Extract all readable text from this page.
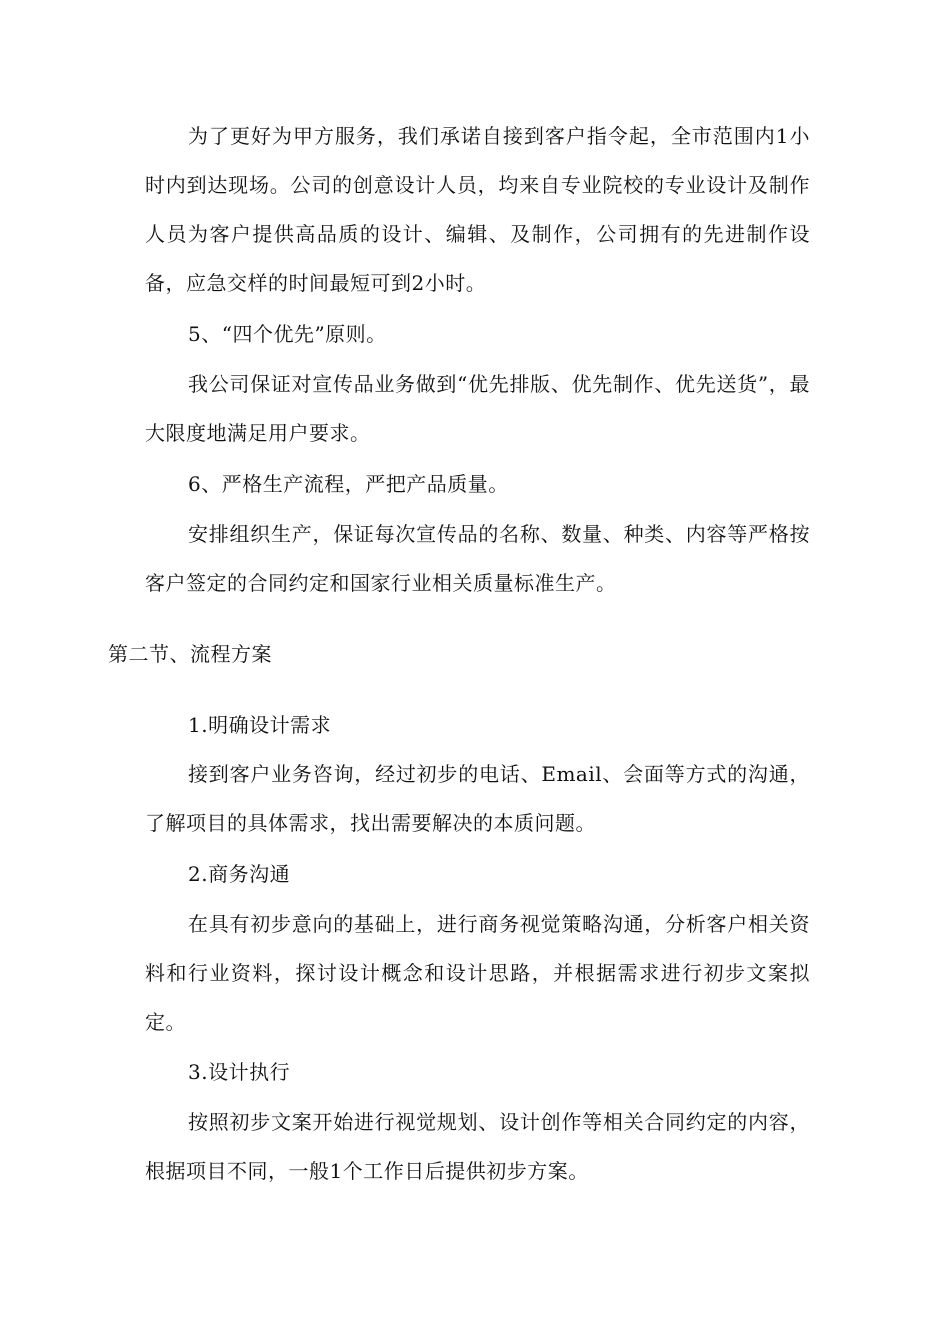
为了更好为甲方服务，我们承诺自接到客户指令起，全市范围内1小时内到达现场。公司的创意设计人员，均来自专业院校的专业设计及制作人员为客户提供高品质的设计、编辑、及制作，公司拥有的先进制作设备，应急交样的时间最短可到2小时。

5、“四个优先”原则。

我公司保证对宣传品业务做到“优先排版、优先制作、优先送货”，最大限度地满足用户要求。

6、严格生产流程，严把产品质量。

安排组织生产，保证每次宣传品的名称、数量、种类、内容等严格按客户签定的合同约定和国家行业相关质量标准生产。

第二节、流程方案

1.明确设计需求

接到客户业务咨询，经过初步的电话、Email、会面等方式的沟通，了解项目的具体需求，找出需要解决的本质问题。

2.商务沟通

在具有初步意向的基础上，进行商务视觉策略沟通，分析客户相关资料和行业资料，探讨设计概念和设计思路，并根据需求进行初步文案拟定。

3.设计执行

按照初步文案开始进行视觉规划、设计创作等相关合同约定的内容，根据项目不同，一般1个工作日后提供初步方案。
